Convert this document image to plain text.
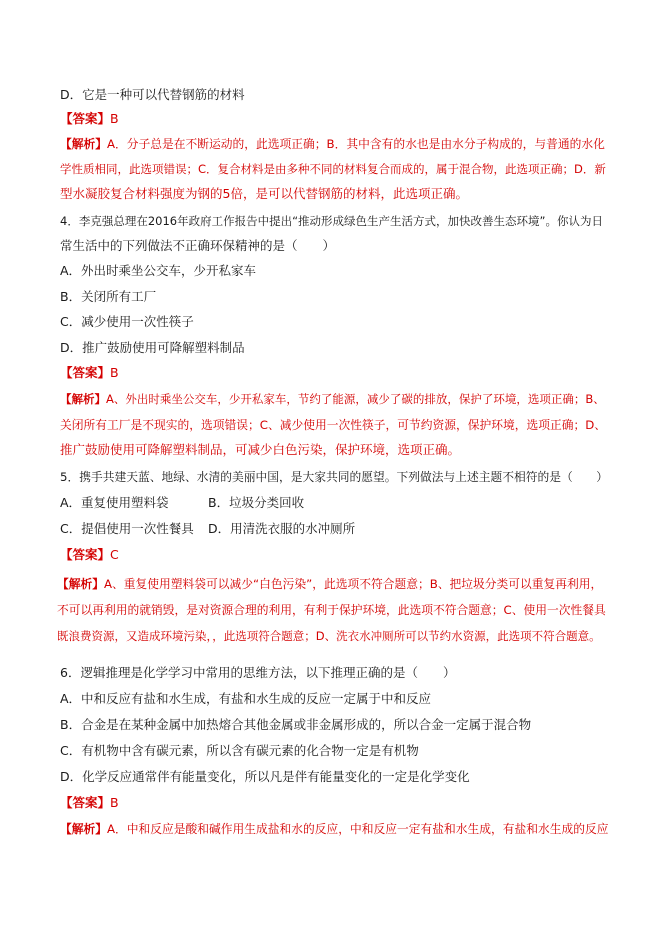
D．它是一种可以代替钢筋的材料
【答案】B
【解析】A．分子总是在不断运动的，此选项正确；B．其中含有的水也是由水分子构成的，与普通的水化
学性质相同，此选项错误；C．复合材料是由多种不同的材料复合而成的，属于混合物，此选项正确；D．新
型水凝胶复合材料强度为钢的5倍，是可以代替钢筋的材料，此选项正确。
4．李克强总理在2016年政府工作报告中提出“推动形成绿色生产生活方式，加快改善生态环境”。你认为日
常生活中的下列做法不正确环保精神的是（　　）
A．外出时乘坐公交车，少开私家车
B．关闭所有工厂
C．减少使用一次性筷子
D．推广鼓励使用可降解塑料制品
【答案】B
【解析】A、外出时乘坐公交车，少开私家车，节约了能源，减少了碳的排放，保护了环境，选项正确；B、
关闭所有工厂是不现实的，选项错误；C、减少使用一次性筷子，可节约资源，保护环境，选项正确；D、
推广鼓励使用可降解塑料制品，可减少白色污染，保护环境，选项正确。
5．携手共建天蓝、地绿、水清的美丽中国，是大家共同的愿望。下列做法与上述主题不相符的是（　　）
A．重复使用塑料袋	B．垃圾分类回收
C．提倡使用一次性餐具 D．用清洗衣服的水冲厕所
【答案】C
【解析】A、重复使用塑料袋可以减少“白色污染”，此选项不符合题意；B、把垃圾分类可以重复再利用，
不可以再利用的就销毁，是对资源合理的利用，有利于保护环境，此选项不符合题意；C、使用一次性餐具
既浪费资源，又造成环境污染，，此选项符合题意；D、洗衣水冲厕所可以节约水资源，此选项不符合题意。
6．逻辑推理是化学学习中常用的思维方法，以下推理正确的是（　　）
A．中和反应有盐和水生成，有盐和水生成的反应一定属于中和反应
B．合金是在某种金属中加热熔合其他金属或非金属形成的，所以合金一定属于混合物
C．有机物中含有碳元素，所以含有碳元素的化合物一定是有机物
D．化学反应通常伴有能量变化，所以凡是伴有能量变化的一定是化学变化
【答案】B
【解析】A．中和反应是酸和碱作用生成盐和水的反应，中和反应一定有盐和水生成，有盐和水生成的反应
